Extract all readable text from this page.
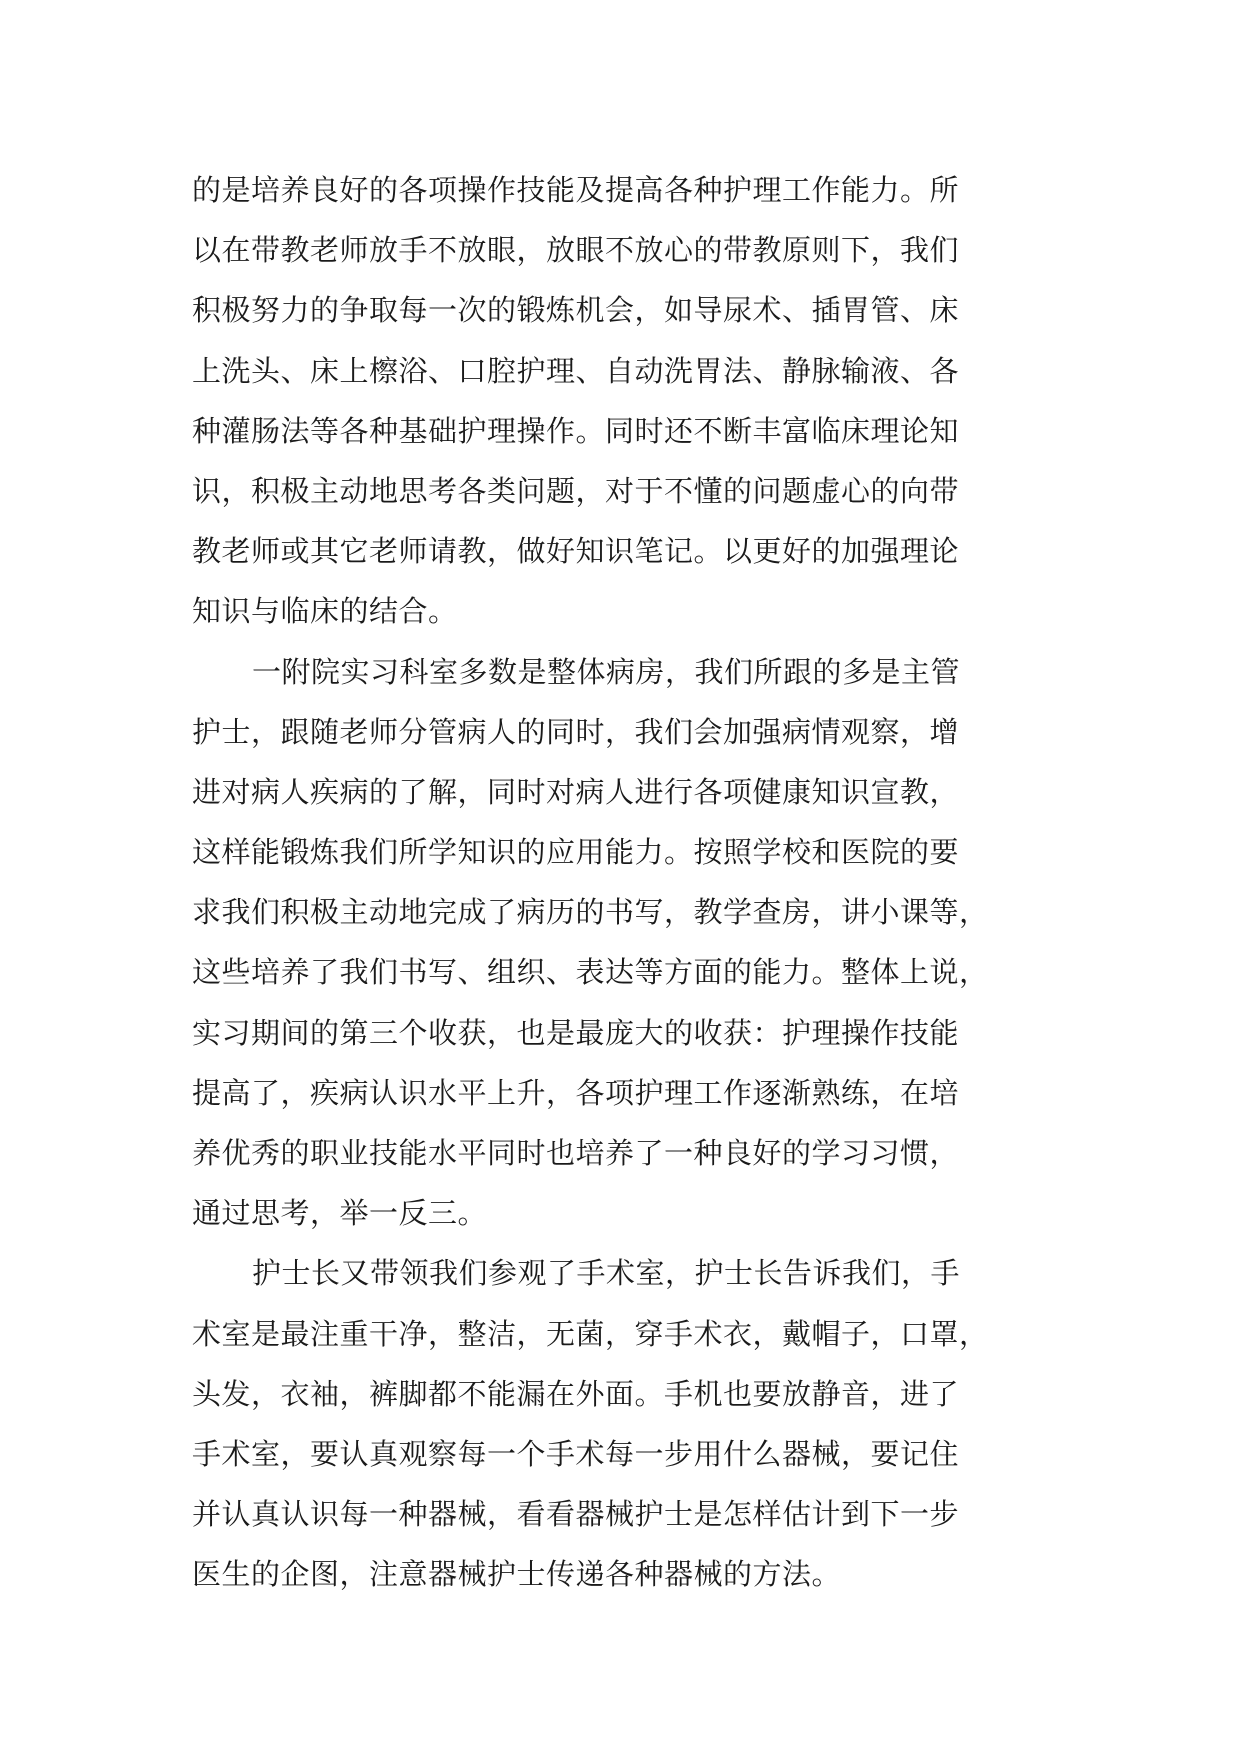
的是培养良好的各项操作技能及提高各种护理工作能力。所
以在带教老师放手不放眼，放眼不放心的带教原则下，我们
积极努力的争取每一次的锻炼机会，如导尿术、插胃管、床
上洗头、床上檫浴、口腔护理、自动洗胃法、静脉输液、各
种灌肠法等各种基础护理操作。同时还不断丰富临床理论知
识，积极主动地思考各类问题，对于不懂的问题虚心的向带
教老师或其它老师请教，做好知识笔记。以更好的加强理论
知识与临床的结合。
一附院实习科室多数是整体病房，我们所跟的多是主管
护士，跟随老师分管病人的同时，我们会加强病情观察，增
进对病人疾病的了解，同时对病人进行各项健康知识宣教，
这样能锻炼我们所学知识的应用能力。按照学校和医院的要
求我们积极主动地完成了病历的书写，教学查房，讲小课等，
这些培养了我们书写、组织、表达等方面的能力。整体上说，
实习期间的第三个收获，也是最庞大的收获：护理操作技能
提高了，疾病认识水平上升，各项护理工作逐渐熟练，在培
养优秀的职业技能水平同时也培养了一种良好的学习习惯，
通过思考，举一反三。
护士长又带领我们参观了手术室，护士长告诉我们，手
术室是最注重干净，整洁，无菌，穿手术衣，戴帽子，口罩，
头发，衣袖，裤脚都不能漏在外面。手机也要放静音，进了
手术室，要认真观察每一个手术每一步用什么器械，要记住
并认真认识每一种器械，看看器械护士是怎样估计到下一步
医生的企图，注意器械护士传递各种器械的方法。
